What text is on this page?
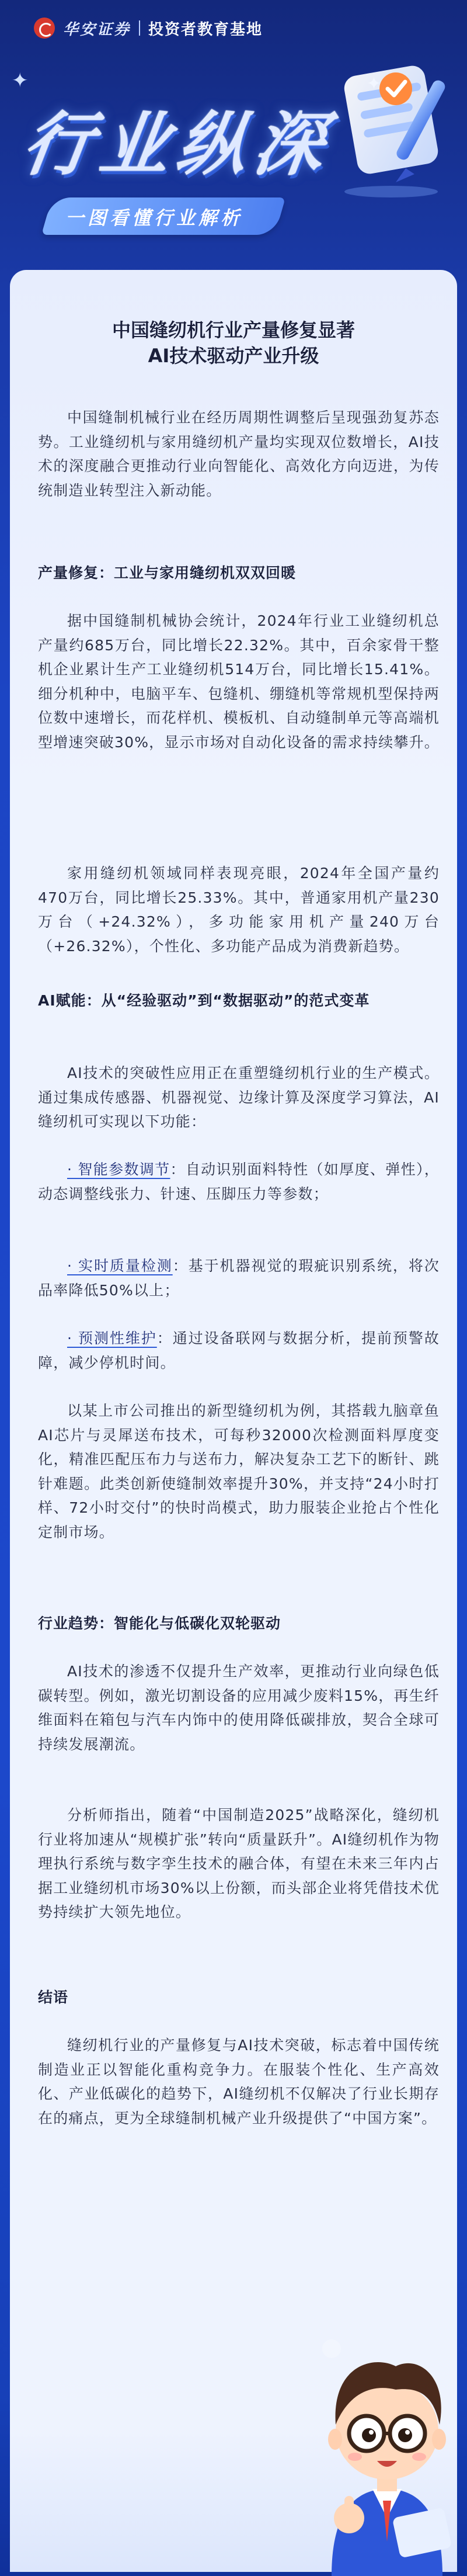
✦
华安证券 投资者教育基地
行业纵深
一图看懂行业解析
中国缝纫机行业产量修复显著
AI技术驱动产业升级

中国缝制机械行业在经历周期性调整后呈现强劲复苏态势。工业缝纫机与家用缝纫机产量均实现双位数增长，AI技术的深度融合更推动行业向智能化、高效化方向迈进，为传统制造业转型注入新动能。

产量修复：工业与家用缝纫机双双回暖

据中国缝制机械协会统计，2024年行业工业缝纫机总产量约685万台，同比增长22.32%。其中，百余家骨干整机企业累计生产工业缝纫机514万台，同比增长15.41%。细分机种中，电脑平车、包缝机、绷缝机等常规机型保持两位数中速增长，而花样机、模板机、自动缝制单元等高端机型增速突破30%，显示市场对自动化设备的需求持续攀升。

家用缝纫机领域同样表现亮眼，2024年全国产量约470万台，同比增长25.33%。其中，普通家用机产量230万台（+24.32%），多功能家用机产量240万台（+26.32%），个性化、多功能产品成为消费新趋势。

AI赋能：从“经验驱动”到“数据驱动”的范式变革

AI技术的突破性应用正在重塑缝纫机行业的生产模式。通过集成传感器、机器视觉、边缘计算及深度学习算法，AI缝纫机可实现以下功能：

· 智能参数调节：自动识别面料特性（如厚度、弹性），动态调整线张力、针速、压脚压力等参数；

· 实时质量检测：基于机器视觉的瑕疵识别系统，将次品率降低50%以上；

· 预测性维护：通过设备联网与数据分析，提前预警故障，减少停机时间。

以某上市公司推出的新型缝纫机为例，其搭载九脑章鱼AI芯片与灵犀送布技术，可每秒32000次检测面料厚度变化，精准匹配压布力与送布力，解决复杂工艺下的断针、跳针难题。此类创新使缝制效率提升30%，并支持“24小时打样、72小时交付”的快时尚模式，助力服装企业抢占个性化定制市场。

行业趋势：智能化与低碳化双轮驱动

AI技术的渗透不仅提升生产效率，更推动行业向绿色低碳转型。例如，激光切割设备的应用减少废料15%，再生纤维面料在箱包与汽车内饰中的使用降低碳排放，契合全球可持续发展潮流。

分析师指出，随着“中国制造2025”战略深化，缝纫机行业将加速从“规模扩张”转向“质量跃升”。AI缝纫机作为物理执行系统与数字孪生技术的融合体，有望在未来三年内占据工业缝纫机市场30%以上份额，而头部企业将凭借技术优势持续扩大领先地位。

结语

缝纫机行业的产量修复与AI技术突破，标志着中国传统制造业正以智能化重构竞争力。在服装个性化、生产高效化、产业低碳化的趋势下，AI缝纫机不仅解决了行业长期存在的痛点，更为全球缝制机械产业升级提供了“中国方案”。
